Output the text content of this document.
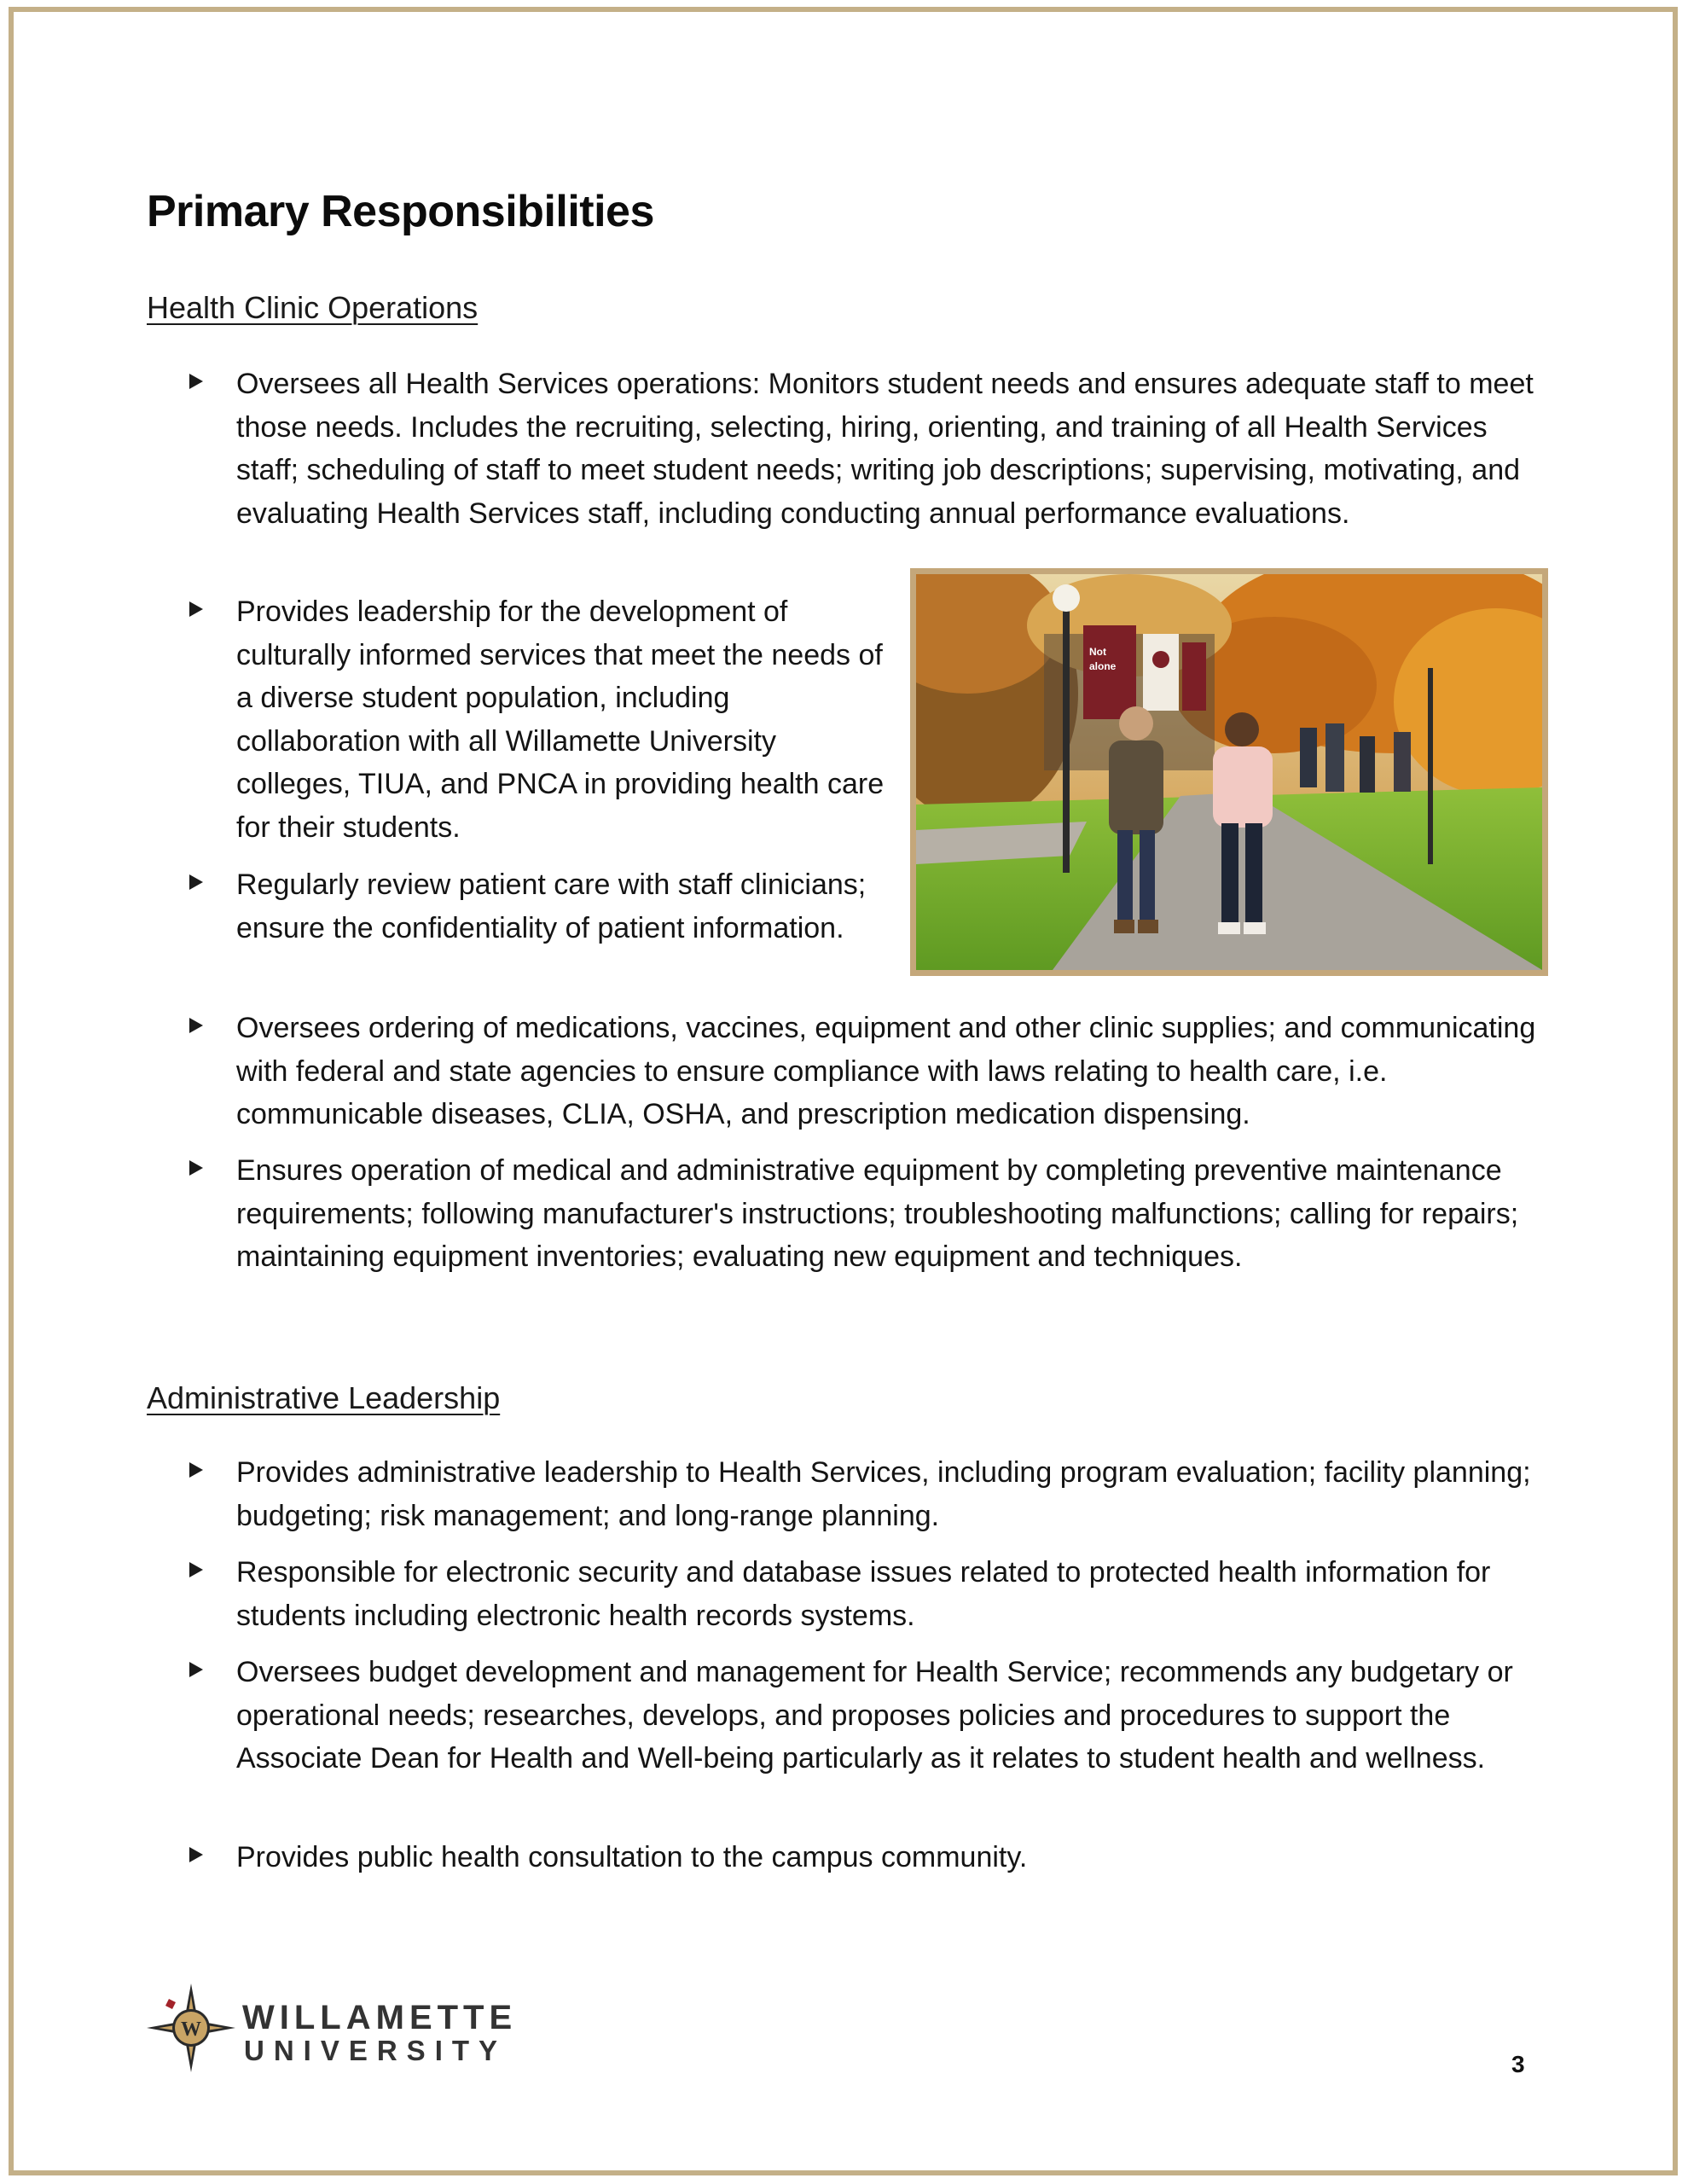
Primary Responsibilities
Health Clinic Operations
Oversees all Health Services operations: Monitors student needs and ensures adequate staff to meet those needs. Includes the recruiting, selecting, hiring, orienting, and training of all Health Services staff; scheduling of staff to meet student needs; writing job descriptions; supervising, motivating, and evaluating Health Services staff, including conducting annual performance evaluations.
Provides leadership for the development of culturally informed services that meet the needs of a diverse student population, including collaboration with all Willamette University colleges, TIUA, and PNCA in providing health care for their students.
Regularly review patient care with staff clinicians; ensure the confidentiality of patient information.
Oversees ordering of medications, vaccines, equipment and other clinic supplies; and communicating with federal and state agencies to ensure compliance with laws relating to health care, i.e. communicable diseases, CLIA, OSHA, and prescription medication dispensing.
Ensures operation of medical and administrative equipment by completing preventive maintenance requirements; following manufacturer's instructions; troubleshooting malfunctions; calling for repairs; maintaining equipment inventories; evaluating new equipment and techniques.
Not
alone
Administrative Leadership
Provides administrative leadership to Health Services, including program evaluation; facility planning; budgeting; risk management; and long-range planning.
Responsible for electronic security and database issues related to protected health information for students including electronic health records systems.
Oversees budget development and management for Health Service; recommends any budgetary or operational needs; researches, develops, and proposes policies and procedures to support the Associate Dean for Health and Well-being particularly as it relates to student health and wellness.
Provides public health consultation to the campus community.
W WILLAMETTE
UNIVERSITY	3
